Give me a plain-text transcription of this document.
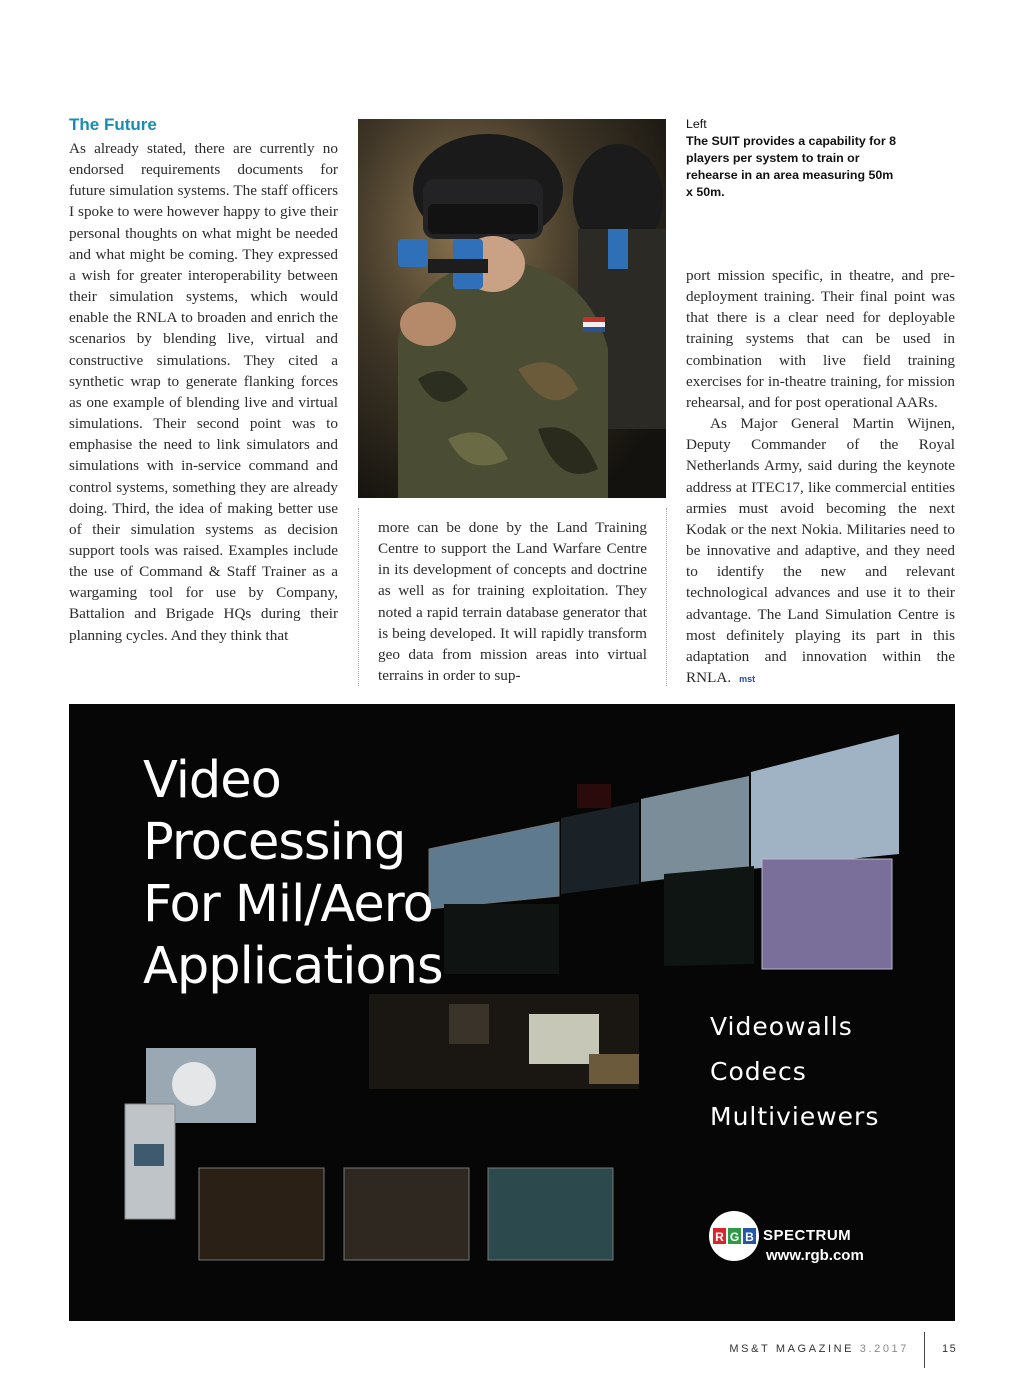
The Future

As already stated, there are currently no endorsed requirements documents for future simulation systems. The staff officers I spoke to were however happy to give their personal thoughts on what might be needed and what might be coming. They expressed a wish for greater interoperability between their simulation systems, which would enable the RNLA to broaden and enrich the scenarios by blending live, virtual and constructive simulations. They cited a synthetic wrap to generate flanking forces as one example of blending live and virtual simulations. Their second point was to emphasise the need to link simulators and simulations with in-service command and control systems, something they are already doing. Third, the idea of making better use of their simulation systems as decision support tools was raised. Examples include the use of Command & Staff Trainer as a wargaming tool for use by Company, Battalion and Brigade HQs during their planning cycles. And they think that

Left
The SUIT provides a capability for 8 players per system to train or rehearse in an area measuring 50m x 50m.

more can be done by the Land Training Centre to support the Land Warfare Centre in its development of concepts and doctrine as well as for training exploitation. They noted a rapid terrain database generator that is being developed. It will rapidly transform geo data from mission areas into virtual terrains in order to sup-

port mission specific, in theatre, and pre-deployment training. Their final point was that there is a clear need for deployable training systems that can be used in combination with live field training exercises for in-theatre training, for mission rehearsal, and for post operational AARs.

As Major General Martin Wijnen, Deputy Commander of the Royal Netherlands Army, said during the keynote address at ITEC17, like commercial entities armies must avoid becoming the next Kodak or the next Nokia. Militaries need to be innovative and adaptive, and they need to identify the new and relevant technological advances and use it to their advantage. The Land Simulation Centre is most definitely playing its part in this adaptation and innovation within the RNLA. mst

R G B
Video
Processing
For Mil/Aero
Applications
Videowalls
Codecs
Multiviewers
SPECTRUM
www.rgb.com
MS&T MAGAZINE 3.2017	15
